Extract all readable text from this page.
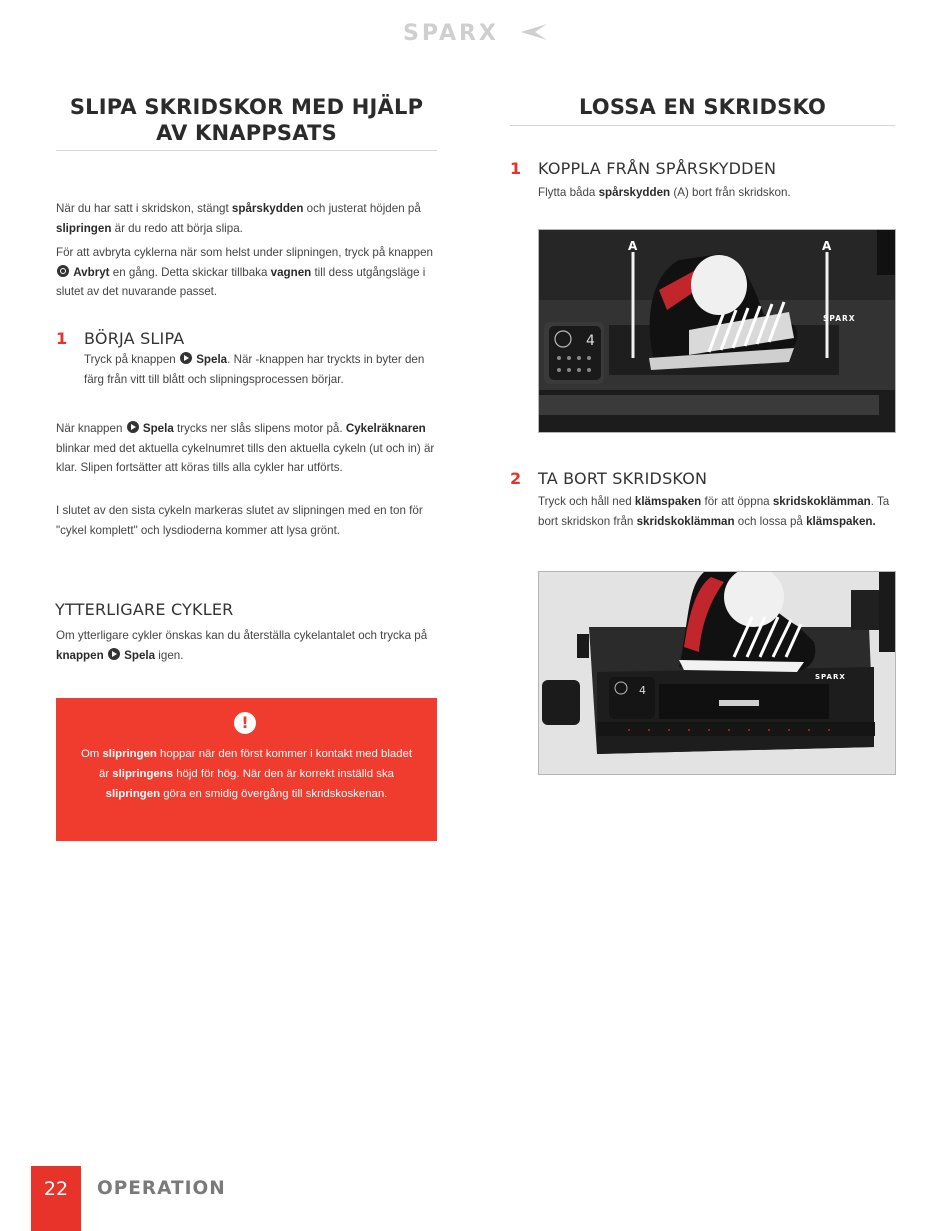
SPARX
SLIPA SKRIDSKOR MED HJÄLP
AV KNAPPSATS

När du har satt i skridskon, stängt spårskydden och justerat höjden på slipringen är du redo att börja slipa.

För att avbryta cyklerna när som helst under slipningen, tryck på knappen  Avbryt en gång. Detta skickar tillbaka vagnen till dess utgångsläge i slutet av det nuvarande passet.

1 BÖRJA SLIPA

Tryck på knappen  Spela. När -knappen har tryckts in byter den färg från vitt till blått och slipningsprocessen börjar.

När knappen  Spela trycks ner slås slipens motor på. Cykelräknaren blinkar med det aktuella cykelnumret tills den aktuella cykeln (ut och in) är klar. Slipen fortsätter att köras tills alla cykler har utförts.

I slutet av den sista cykeln markeras slutet av slipningen med en ton för "cykel komplett" och lysdioderna kommer att lysa grönt.

YTTERLIGARE CYKLER

Om ytterligare cykler önskas kan du återställa cykelantalet och trycka på knappen Spela igen.

!

Om slipringen hoppar när den först kommer i kontakt med bladet är slipringens höjd för hög. När den är korrekt inställd ska slipringen göra en smidig övergång till skridskoskenan.

LOSSA EN SKRIDSKO
1 KOPPLA FRÅN SPÅRSKYDDEN

Flytta båda spårskydden (A) bort från skridskon.

4
A	A
SPARX
2 TA BORT SKRIDSKON

Tryck och håll ned klämspaken för att öppna skridskoklämman. Ta bort skridskon från skridskoklämman och lossa på klämspaken.

4
SPARX
22	OPERATION
